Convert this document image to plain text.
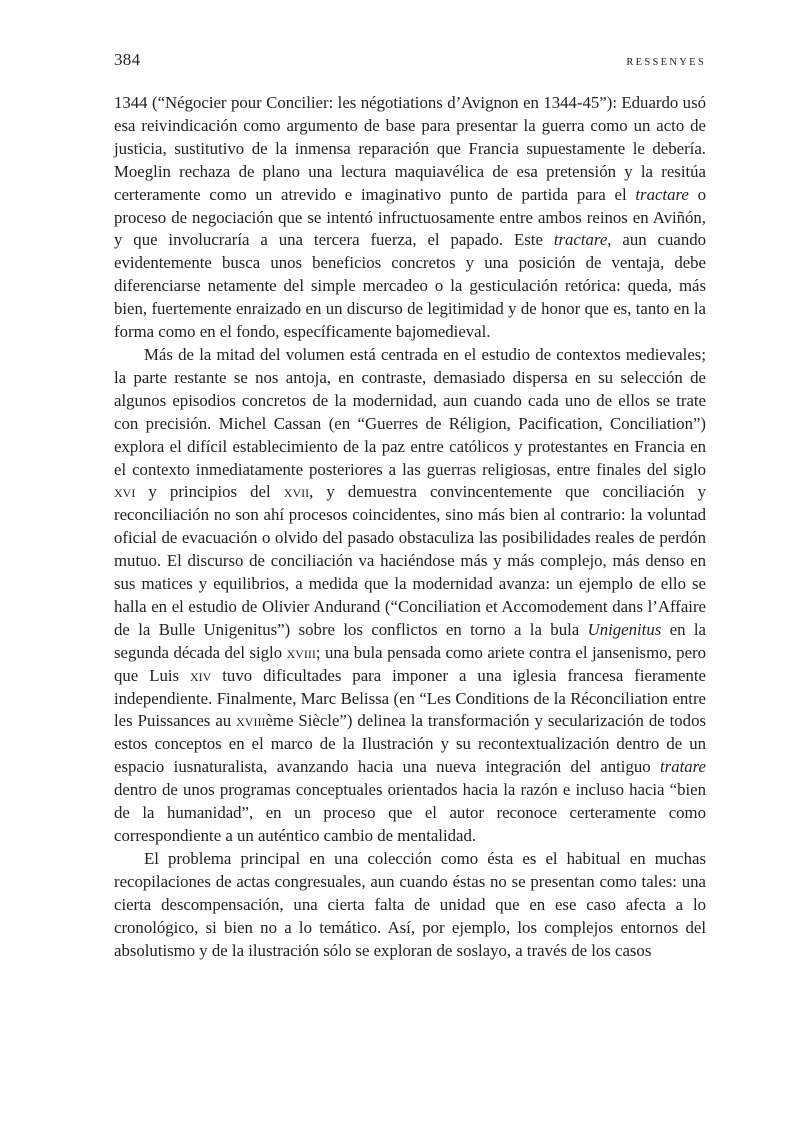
384	RESSENYES

1344 (“Négocier pour Concilier: les négotiations d’Avignon en 1344-45”): Eduardo usó esa reivindicación como argumento de base para presentar la guerra como un acto de justicia, sustitutivo de la inmensa reparación que Francia supuestamente le debería. Moeglin rechaza de plano una lectura maquiavélica de esa pretensión y la resitúa certeramente como un atrevido e imaginativo punto de partida para el tractare o proceso de negociación que se intentó infructuosamente entre ambos reinos en Aviñón, y que involucraría a una tercera fuerza, el papado. Este tractare, aun cuando evidentemente busca unos beneficios concretos y una posición de ventaja, debe diferenciarse netamente del simple mercadeo o la gesticulación retórica: queda, más bien, fuertemente enraizado en un discurso de legitimidad y de honor que es, tanto en la forma como en el fondo, específicamente bajomedieval.

Más de la mitad del volumen está centrada en el estudio de contextos medievales; la parte restante se nos antoja, en contraste, demasiado dispersa en su selección de algunos episodios concretos de la modernidad, aun cuando cada uno de ellos se trate con precisión. Michel Cassan (en “Guerres de Réligion, Pacification, Conciliation”) explora el difícil establecimiento de la paz entre católicos y protestantes en Francia en el contexto inmediatamente posteriores a las guerras religiosas, entre finales del siglo xvi y principios del xvii, y demuestra convincentemente que conciliación y reconciliación no son ahí procesos coincidentes, sino más bien al contrario: la voluntad oficial de evacuación o olvido del pasado obstaculiza las posibilidades reales de perdón mutuo. El discurso de conciliación va haciéndose más y más complejo, más denso en sus matices y equilibrios, a medida que la modernidad avanza: un ejemplo de ello se halla en el estudio de Olivier Andurand (“Conciliation et Accomodement dans l’Affaire de la Bulle Unigenitus”) sobre los conflictos en torno a la bula Unigenitus en la segunda década del siglo xviii; una bula pensada como ariete contra el jansenismo, pero que Luis xiv tuvo dificultades para imponer a una iglesia francesa fieramente independiente. Finalmente, Marc Belissa (en “Les Conditions de la Réconciliation entre les Puissances au xviiième Siècle”) delinea la transformación y secularización de todos estos conceptos en el marco de la Ilustración y su recontextualización dentro de un espacio iusnaturalista, avanzando hacia una nueva integración del antiguo tratare dentro de unos programas conceptuales orientados hacia la razón e incluso hacia “bien de la humanidad”, en un proceso que el autor reconoce certeramente como correspondiente a un auténtico cambio de mentalidad.

El problema principal en una colección como ésta es el habitual en muchas recopilaciones de actas congresuales, aun cuando éstas no se presentan como tales: una cierta descompensación, una cierta falta de unidad que en ese caso afecta a lo cronológico, si bien no a lo temático. Así, por ejemplo, los complejos entornos del absolutismo y de la ilustración sólo se exploran de soslayo, a través de los casos
